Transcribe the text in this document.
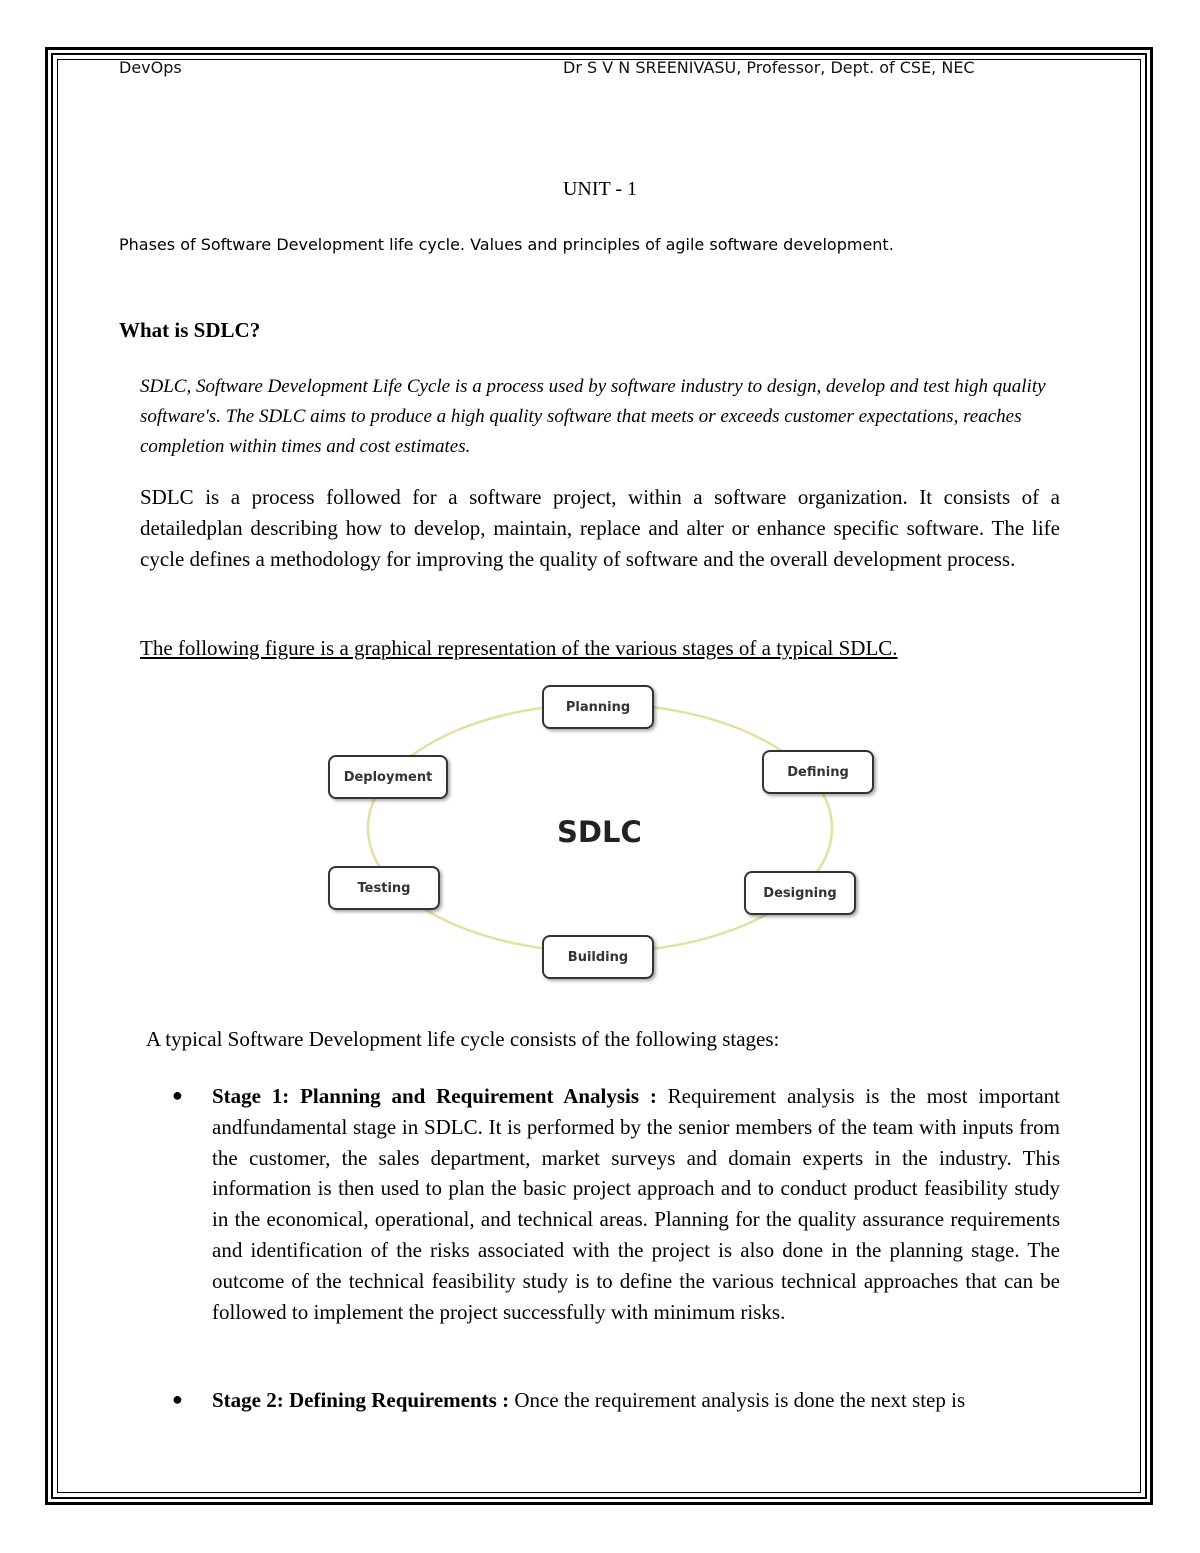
DevOps	Dr S V N SREENIVASU, Professor, Dept. of CSE, NEC
UNIT - 1
Phases of Software Development life cycle. Values and principles of agile software development.
What is SDLC?
SDLC, Software Development Life Cycle is a process used by software industry to design, develop and test high quality software's. The SDLC aims to produce a high quality software that meets or exceeds customer expectations, reaches completion within times and cost estimates.
SDLC is a process followed for a software project, within a software organization. It consists of a detailedplan describing how to develop, maintain, replace and alter or enhance specific software. The life cycle defines a methodology for improving the quality of software and the overall development process.
The following figure is a graphical representation of the various stages of a typical SDLC.
SDLC
Planning
Defining
Designing
Building
Testing
Deployment
A typical Software Development life cycle consists of the following stages:
● Stage 1: Planning and Requirement Analysis : Requirement analysis is the most important andfundamental stage in SDLC. It is performed by the senior members of the team with inputs from the customer, the sales department, market surveys and domain experts in the industry. This information is then used to plan the basic project approach and to conduct product feasibility study in the economical, operational, and technical areas. Planning for the quality assurance requirements and identification of the risks associated with the project is also done in the planning stage. The outcome of the technical feasibility study is to define the various technical approaches that can be followed to implement the project successfully with minimum risks.
● Stage 2: Defining Requirements : Once the requirement analysis is done the next step is
